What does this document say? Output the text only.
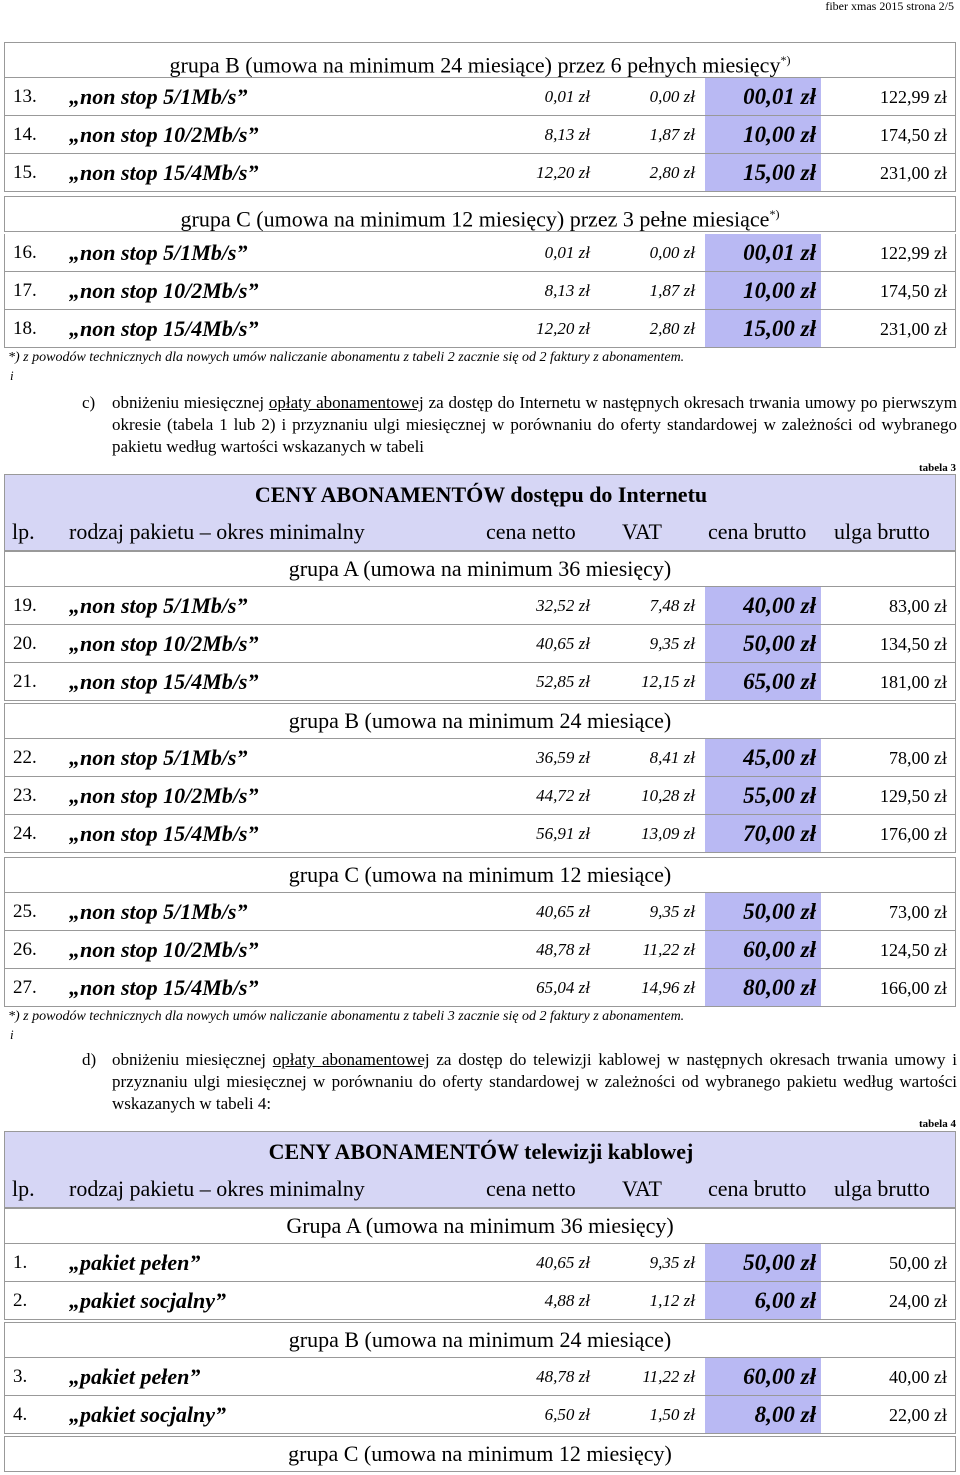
fiber xmas 2015 strona 2/5
grupa B (umowa na minimum 24 miesiące) przez 6 pełnych miesięcy*)
13. „non stop 5/1Mb/s”	0,01 zł	0,00 zł	00,01 zł	122,99 zł
14. „non stop 10/2Mb/s”	8,13 zł	1,87 zł	10,00 zł	174,50 zł
15. „non stop 15/4Mb/s”	12,20 zł	2,80 zł	15,00 zł	231,00 zł
grupa C (umowa na minimum 12 miesięcy) przez 3 pełne miesiące*)
16. „non stop 5/1Mb/s”	0,01 zł	0,00 zł	00,01 zł	122,99 zł
17. „non stop 10/2Mb/s”	8,13 zł	1,87 zł	10,00 zł	174,50 zł
18. „non stop 15/4Mb/s”	12,20 zł	2,80 zł	15,00 zł	231,00 zł
*) z powodów technicznych dla nowych umów naliczanie abonamentu z tabeli 2 zacznie się od 2 faktury z abonamentem.
i
c) obniżeniu miesięcznej opłaty abonamentowej za dostęp do Internetu w następnych okresach trwania umowy po pierwszym okresie (tabela 1 lub 2) i przyznaniu ulgi miesięcznej w porównaniu do oferty standardowej w zależności od wybranego pakietu według wartości wskazanych w tabeli
tabela 3
CENY ABONAMENTÓW dostępu do Internetu
lp. rodzaj pakietu – okres minimalny	cena netto VAT cena brutto ulga brutto
grupa A (umowa na minimum 36 miesięcy)
19. „non stop 5/1Mb/s”	32,52 zł	7,48 zł	40,00 zł	83,00 zł
20. „non stop 10/2Mb/s”	40,65 zł	9,35 zł	50,00 zł	134,50 zł
21. „non stop 15/4Mb/s”	52,85 zł	12,15 zł	65,00 zł	181,00 zł
grupa B (umowa na minimum 24 miesiące)
22. „non stop 5/1Mb/s”	36,59 zł	8,41 zł	45,00 zł	78,00 zł
23. „non stop 10/2Mb/s”	44,72 zł	10,28 zł	55,00 zł	129,50 zł
24. „non stop 15/4Mb/s”	56,91 zł	13,09 zł	70,00 zł	176,00 zł
grupa C (umowa na minimum 12 miesiące)
25. „non stop 5/1Mb/s”	40,65 zł	9,35 zł	50,00 zł	73,00 zł
26. „non stop 10/2Mb/s”	48,78 zł	11,22 zł	60,00 zł	124,50 zł
27. „non stop 15/4Mb/s”	65,04 zł	14,96 zł	80,00 zł	166,00 zł
*) z powodów technicznych dla nowych umów naliczanie abonamentu z tabeli 3 zacznie się od 2 faktury z abonamentem.
i
d) obniżeniu miesięcznej opłaty abonamentowej za dostęp do telewizji kablowej w następnych okresach trwania umowy i przyznaniu ulgi miesięcznej w porównaniu do oferty standardowej w zależności od wybranego pakietu według wartości wskazanych w tabeli 4:
tabela 4
CENY ABONAMENTÓW telewizji kablowej
lp. rodzaj pakietu – okres minimalny	cena netto VAT cena brutto ulga brutto
Grupa A (umowa na minimum 36 miesięcy)
1. „pakiet pełen”	40,65 zł	9,35 zł	50,00 zł	50,00 zł
2. „pakiet socjalny”	4,88 zł	1,12 zł	6,00 zł	24,00 zł
grupa B (umowa na minimum 24 miesiące)
3. „pakiet pełen”	48,78 zł	11,22 zł	60,00 zł	40,00 zł
4. „pakiet socjalny”	6,50 zł	1,50 zł	8,00 zł	22,00 zł
grupa C (umowa na minimum 12 miesięcy)
